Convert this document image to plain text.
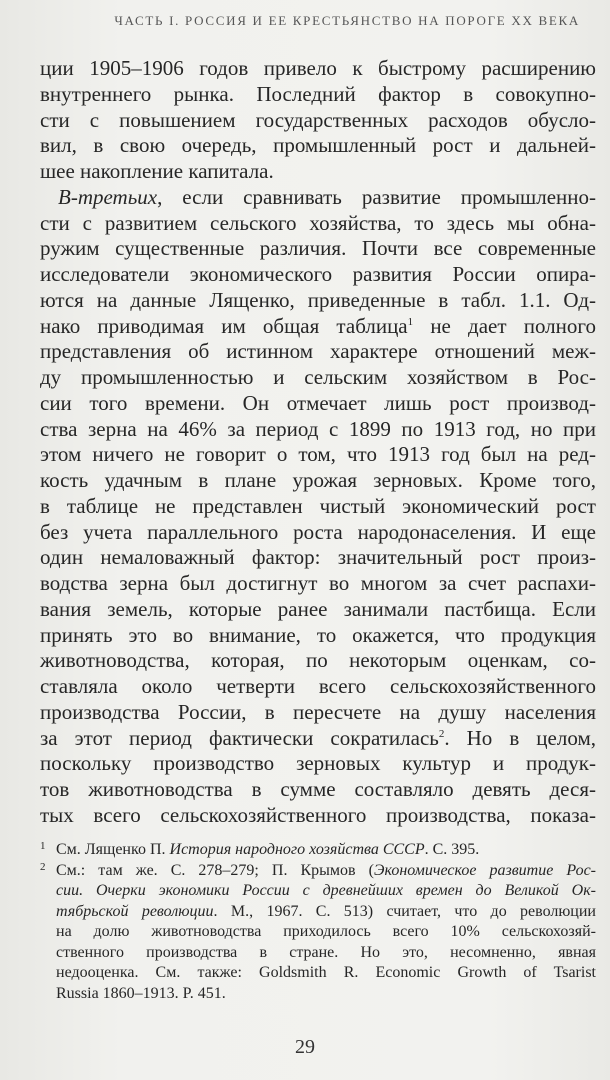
ЧАСТЬ I. РОССИЯ И ЕЕ КРЕСТЬЯНСТВО НА ПОРОГЕ XX ВЕКА
ции 1905–1906 годов привело к быстрому расширению
внутреннего рынка. Последний фактор в совокупно-
сти с повышением государственных расходов обусло-
вил, в свою очередь, промышленный рост и дальней-
шее накопление капитала.
В-третьих, если сравнивать развитие промышленно-
сти с развитием сельского хозяйства, то здесь мы обна-
ружим существенные различия. Почти все современные
исследователи экономического развития России опира-
ются на данные Лященко, приведенные в табл. 1.1. Од-
нако приводимая им общая таблица$^1$ не дает полного
представления об истинном характере отношений меж-
ду промышленностью и сельским хозяйством в Рос-
сии того времени. Он отмечает лишь рост производ-
ства зерна на 46% за период с 1899 по 1913 год, но при
этом ничего не говорит о том, что 1913 год был на ред-
кость удачным в плане урожая зерновых. Кроме того,
в таблице не представлен чистый экономический рост
без учета параллельного роста народонаселения. И еще
один немаловажный фактор: значительный рост произ-
водства зерна был достигнут во многом за счет распахи-
вания земель, которые ранее занимали пастбища. Если
принять это во внимание, то окажется, что продукция
животноводства, которая, по некоторым оценкам, со-
ставляла около четверти всего сельскохозяйственного
производства России, в пересчете на душу населения
за этот период фактически сократилась$^2$. Но в целом,
поскольку производство зерновых культур и продук-
тов животноводства в сумме составляло девять деся-
тых всего сельскохозяйственного производства, показа-
1 См. Лященко П. История народного хозяйства СССР. С. 395.
2 См.: там же. С. 278–279; П. Крымов (Экономическое развитие Рос-
сии. Очерки экономики России с древнейших времен до Великой Ок-
тябрьской революции. М., 1967. С. 513) считает, что до революции
на долю животноводства приходилось всего 10% сельскохозяй-
ственного производства в стране. Но это, несомненно, явная
недооценка. См. также: Goldsmith R. Economic Growth of Tsarist
Russia 1860–1913. P. 451.
29
